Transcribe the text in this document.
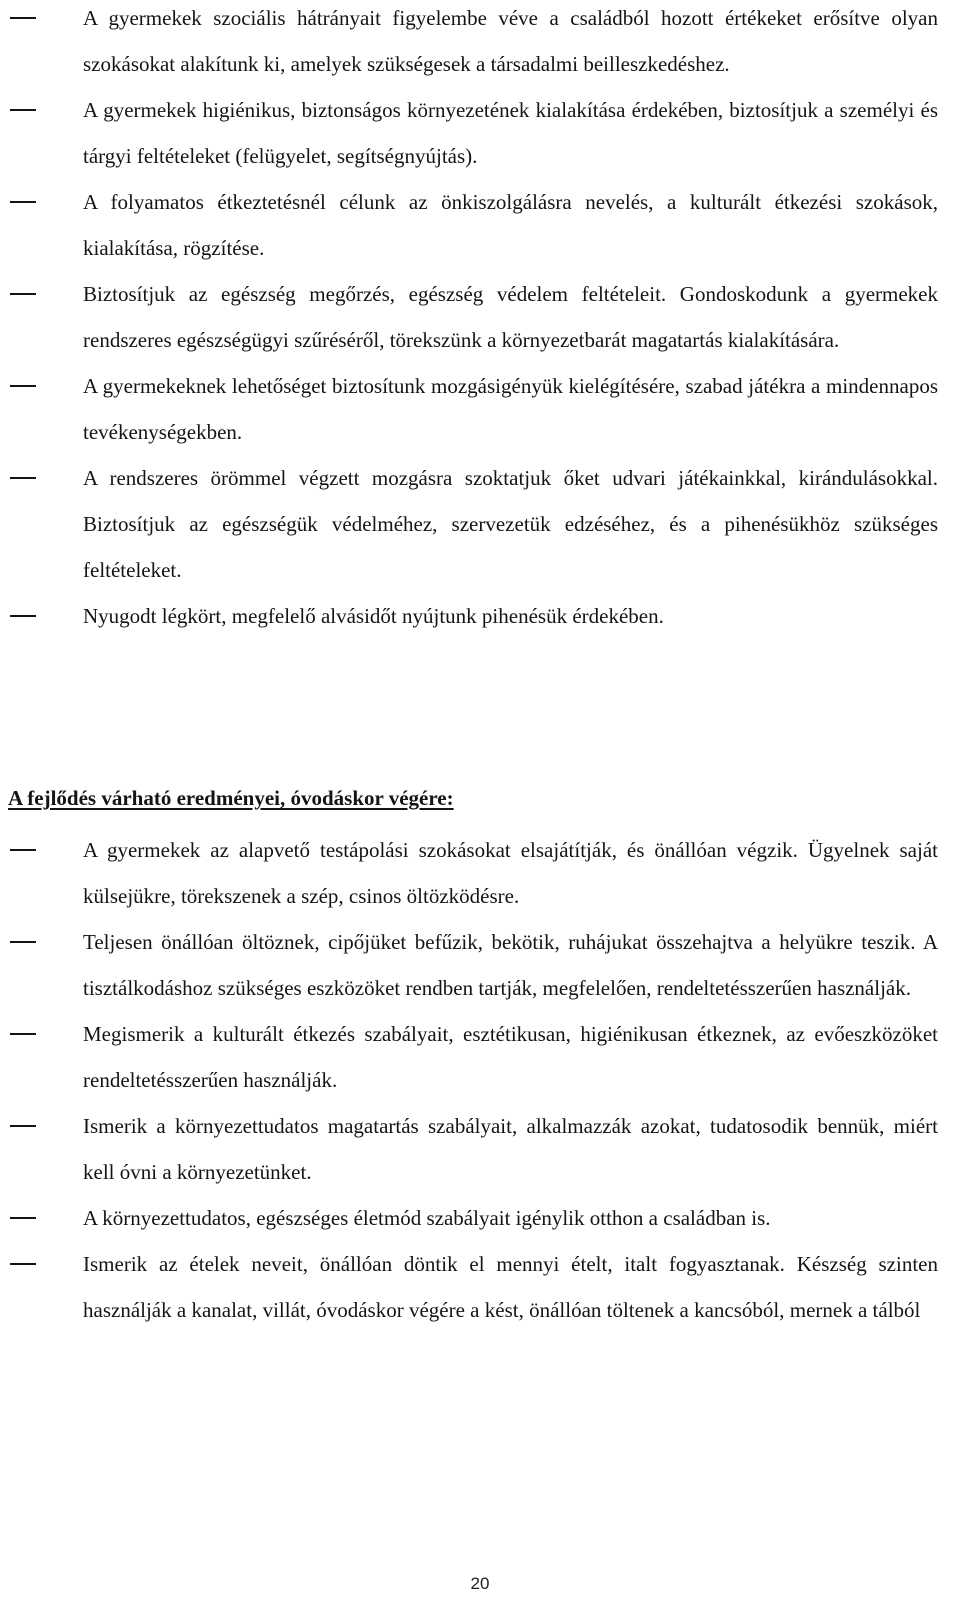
A gyermekek szociális hátrányait figyelembe véve a családból hozott értékeket erősítve olyan szokásokat alakítunk ki, amelyek szükségesek a társadalmi beilleszkedéshez.
A gyermekek higiénikus, biztonságos környezetének kialakítása érdekében, biztosítjuk a személyi és tárgyi feltételeket (felügyelet, segítségnyújtás).
A folyamatos étkeztetésnél célunk az önkiszolgálásra nevelés, a kulturált étkezési szokások, kialakítása, rögzítése.
Biztosítjuk az egészség megőrzés, egészség védelem feltételeit. Gondoskodunk a gyermekek rendszeres egészségügyi szűréséről, törekszünk a környezetbarát magatartás kialakítására.
A gyermekeknek lehetőséget biztosítunk mozgásigényük kielégítésére, szabad játékra a mindennapos tevékenységekben.
A rendszeres örömmel végzett mozgásra szoktatjuk őket udvari játékainkkal, kirándulásokkal. Biztosítjuk az egészségük védelméhez, szervezetük edzéséhez, és a pihenésükhöz szükséges feltételeket.
Nyugodt légkört, megfelelő alvásidőt nyújtunk pihenésük érdekében.
A fejlődés várható eredményei, óvodáskor végére:
A gyermekek az alapvető testápolási szokásokat elsajátítják, és önállóan végzik. Ügyelnek saját külsejükre, törekszenek a szép, csinos öltözködésre.
Teljesen önállóan öltöznek, cipőjüket befűzik, bekötik, ruhájukat összehajtva a helyükre teszik. A tisztálkodáshoz szükséges eszközöket rendben tartják, megfelelően, rendeltetésszerűen használják.
Megismerik a kulturált étkezés szabályait, esztétikusan, higiénikusan étkeznek, az evőeszközöket rendeltetésszerűen használják.
Ismerik a környezettudatos magatartás szabályait, alkalmazzák azokat, tudatosodik bennük, miért kell óvni a környezetünket.
A környezettudatos, egészséges életmód szabályait igénylik otthon a családban is.
Ismerik az ételek neveit, önállóan döntik el mennyi ételt, italt fogyasztanak. Készség szinten használják a kanalat, villát, óvodáskor végére a kést, önállóan töltenek a kancsóból, mernek a tálból
20
